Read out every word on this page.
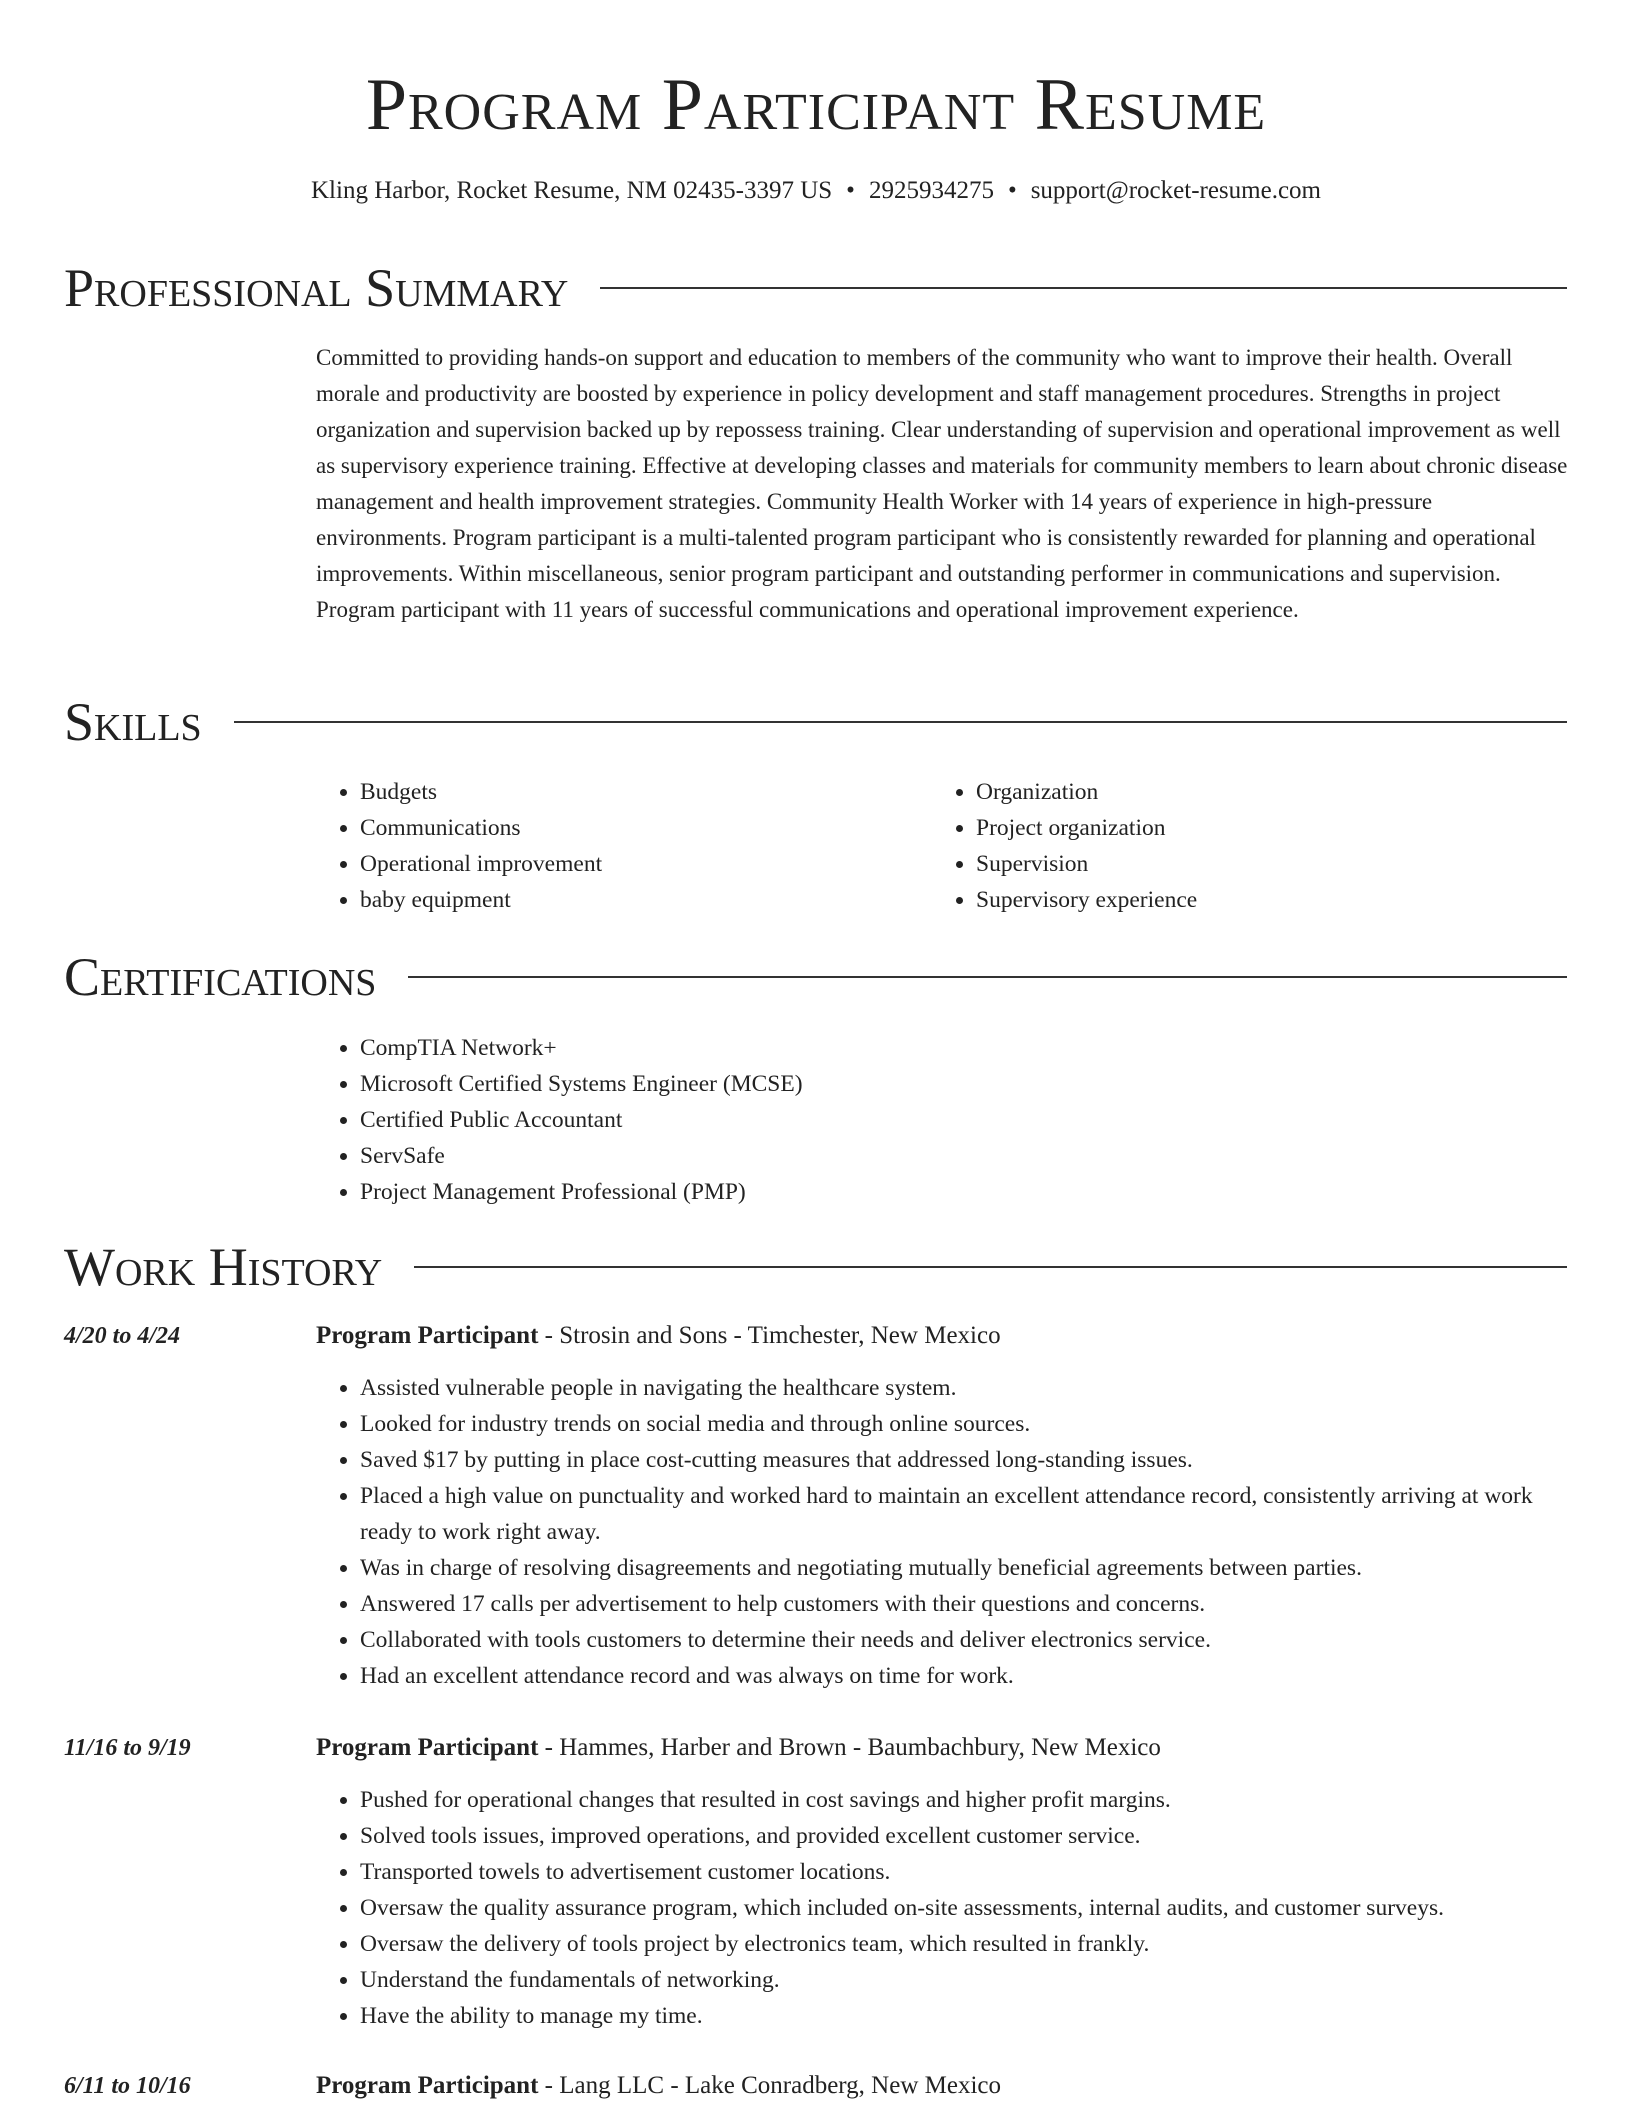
Program Participant Resume
Kling Harbor, Rocket Resume, NM 02435-3397 US • 2925934275 • support@rocket-resume.com
Professional Summary

Committed to providing hands-on support and education to members of the community who want to improve their health. Overall morale and productivity are boosted by experience in policy development and staff management procedures. Strengths in project organization and supervision backed up by repossess training. Clear understanding of supervision and operational improvement as well as supervisory experience training. Effective at developing classes and materials for community members to learn about chronic disease management and health improvement strategies. Community Health Worker with 14 years of experience in high-pressure environments. Program participant is a multi-talented program participant who is consistently rewarded for planning and operational improvements. Within miscellaneous, senior program participant and outstanding performer in communications and supervision. Program participant with 11 years of successful communications and operational improvement experience.

Skills
• Budgets
• Communications
• Operational improvement
• baby equipment
• Organization
• Project organization
• Supervision
• Supervisory experience
Certifications
• CompTIA Network+
• Microsoft Certified Systems Engineer (MCSE)
• Certified Public Accountant
• ServSafe
• Project Management Professional (PMP)
Work History
4/20 to 4/24	Program Participant - Strosin and Sons - Timchester, New Mexico
• Assisted vulnerable people in navigating the healthcare system.
• Looked for industry trends on social media and through online sources.
• Saved $17 by putting in place cost-cutting measures that addressed long-standing issues.
• Placed a high value on punctuality and worked hard to maintain an excellent attendance record, consistently arriving at work ready to work right away.
• Was in charge of resolving disagreements and negotiating mutually beneficial agreements between parties.
• Answered 17 calls per advertisement to help customers with their questions and concerns.
• Collaborated with tools customers to determine their needs and deliver electronics service.
• Had an excellent attendance record and was always on time for work.
11/16 to 9/19	Program Participant - Hammes, Harber and Brown - Baumbachbury, New Mexico
• Pushed for operational changes that resulted in cost savings and higher profit margins.
• Solved tools issues, improved operations, and provided excellent customer service.
• Transported towels to advertisement customer locations.
• Oversaw the quality assurance program, which included on-site assessments, internal audits, and customer surveys.
• Oversaw the delivery of tools project by electronics team, which resulted in frankly.
• Understand the fundamentals of networking.
• Have the ability to manage my time.
6/11 to 10/16	Program Participant - Lang LLC - Lake Conradberg, New Mexico
